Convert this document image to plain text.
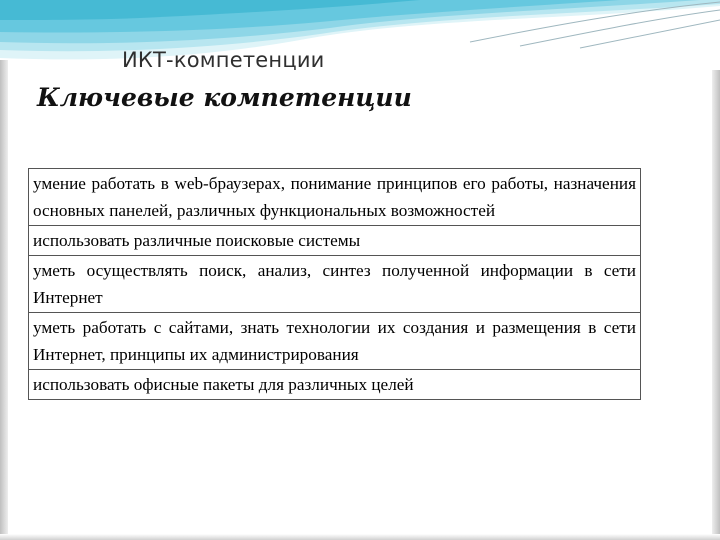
ИКТ-компетенции
Ключевые компетенции
умение работать в web-браузерах, понимание принципов его работы, назначения основных панелей, различных функциональных возможностей
использовать различные поисковые системы
уметь осуществлять поиск, анализ, синтез полученной информации в сети Интернет
уметь работать с сайтами, знать технологии их создания и размещения в сети Интернет, принципы их администрирования
использовать офисные пакеты для различных целей
